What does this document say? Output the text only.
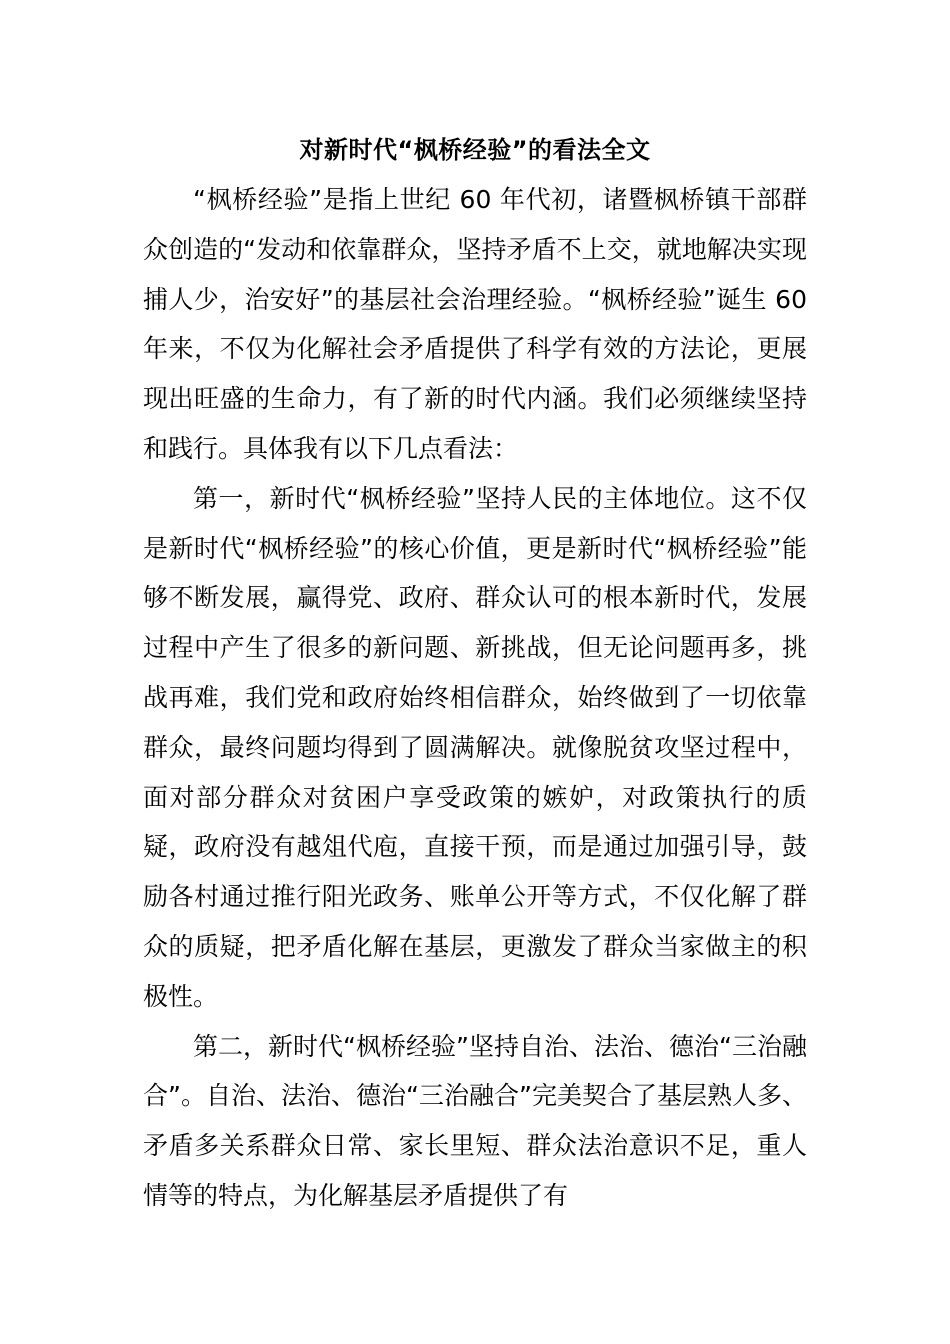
对新时代“枫桥经验”的看法全文

“枫桥经验”是指上世纪 60 年代初，诸暨枫桥镇干部群众创造的“发动和依靠群众，坚持矛盾不上交，就地解决实现捕人少，治安好”的基层社会治理经验。“枫桥经验”诞生 60 年来，不仅为化解社会矛盾提供了科学有效的方法论，更展现出旺盛的生命力，有了新的时代内涵。我们必须继续坚持和践行。具体我有以下几点看法：

第一，新时代“枫桥经验”坚持人民的主体地位。这不仅是新时代“枫桥经验”的核心价值，更是新时代“枫桥经验”能够不断发展，赢得党、政府、群众认可的根本新时代，发展过程中产生了很多的新问题、新挑战，但无论问题再多，挑战再难，我们党和政府始终相信群众，始终做到了一切依靠群众，最终问题均得到了圆满解决。就像脱贫攻坚过程中，面对部分群众对贫困户享受政策的嫉妒，对政策执行的质疑，政府没有越俎代庖，直接干预，而是通过加强引导，鼓励各村通过推行阳光政务、账单公开等方式，不仅化解了群众的质疑，把矛盾化解在基层，更激发了群众当家做主的积极性。

第二，新时代“枫桥经验”坚持自治、法治、德治“三治融合”。自治、法治、德治“三治融合”完美契合了基层熟人多、矛盾多关系群众日常、家长里短、群众法治意识不足，重人情等的特点，为化解基层矛盾提供了有
